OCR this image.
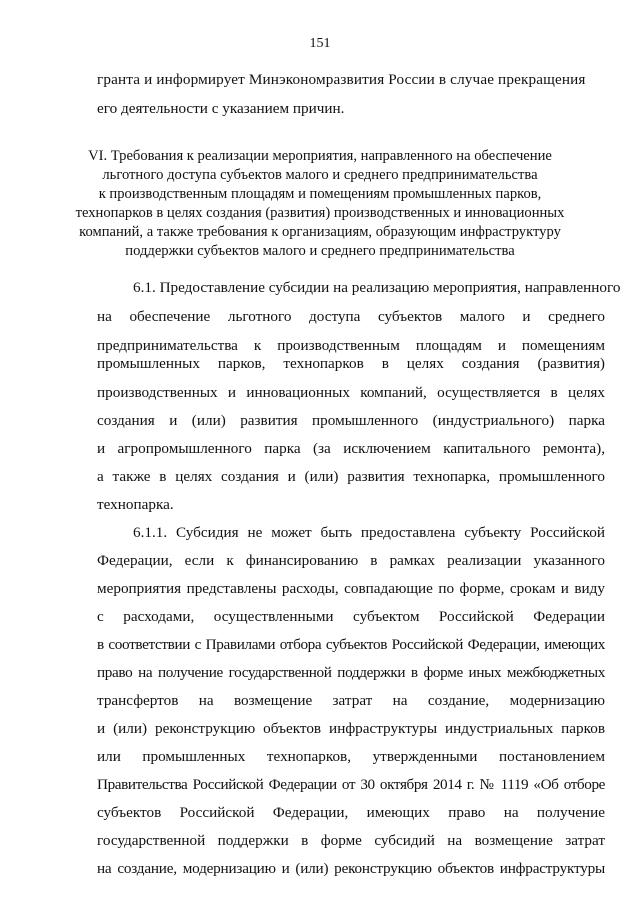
151
гранта и информирует Минэкономразвития России в случае прекращения
его деятельности с указанием причин.
VI. Требования к реализации мероприятия, направленного на обеспечение
льготного доступа субъектов малого и среднего предпринимательства
к производственным площадям и помещениям промышленных парков,
технопарков в целях создания (развития) производственных и инновационных
компаний, а также требования к организациям, образующим инфраструктуру
поддержки субъектов малого и среднего предпринимательства
6.1. Предоставление субсидии на реализацию мероприятия, направленного
на обеспечение льготного доступа субъектов малого и среднего
предпринимательства к производственным площадям и помещениям
промышленных парков, технопарков в целях создания (развития)
производственных и инновационных компаний, осуществляется в целях
создания и (или) развития промышленного (индустриального) парка
и агропромышленного парка (за исключением капитального ремонта),
а также в целях создания и (или) развития технопарка, промышленного
технопарка.
6.1.1. Субсидия не может быть предоставлена субъекту Российской
Федерации, если к финансированию в рамках реализации указанного
мероприятия представлены расходы, совпадающие по форме, срокам и виду
с расходами, осуществленными субъектом Российской Федерации
в соответствии с Правилами отбора субъектов Российской Федерации, имеющих
право на получение государственной поддержки в форме иных межбюджетных
трансфертов на возмещение затрат на создание, модернизацию
и (или) реконструкцию объектов инфраструктуры индустриальных парков
или промышленных технопарков, утвержденными постановлением
Правительства Российской Федерации от 30 октября 2014 г. № 1119 «Об отборе
субъектов Российской Федерации, имеющих право на получение
государственной поддержки в форме субсидий на возмещение затрат
на создание, модернизацию и (или) реконструкцию объектов инфраструктуры
